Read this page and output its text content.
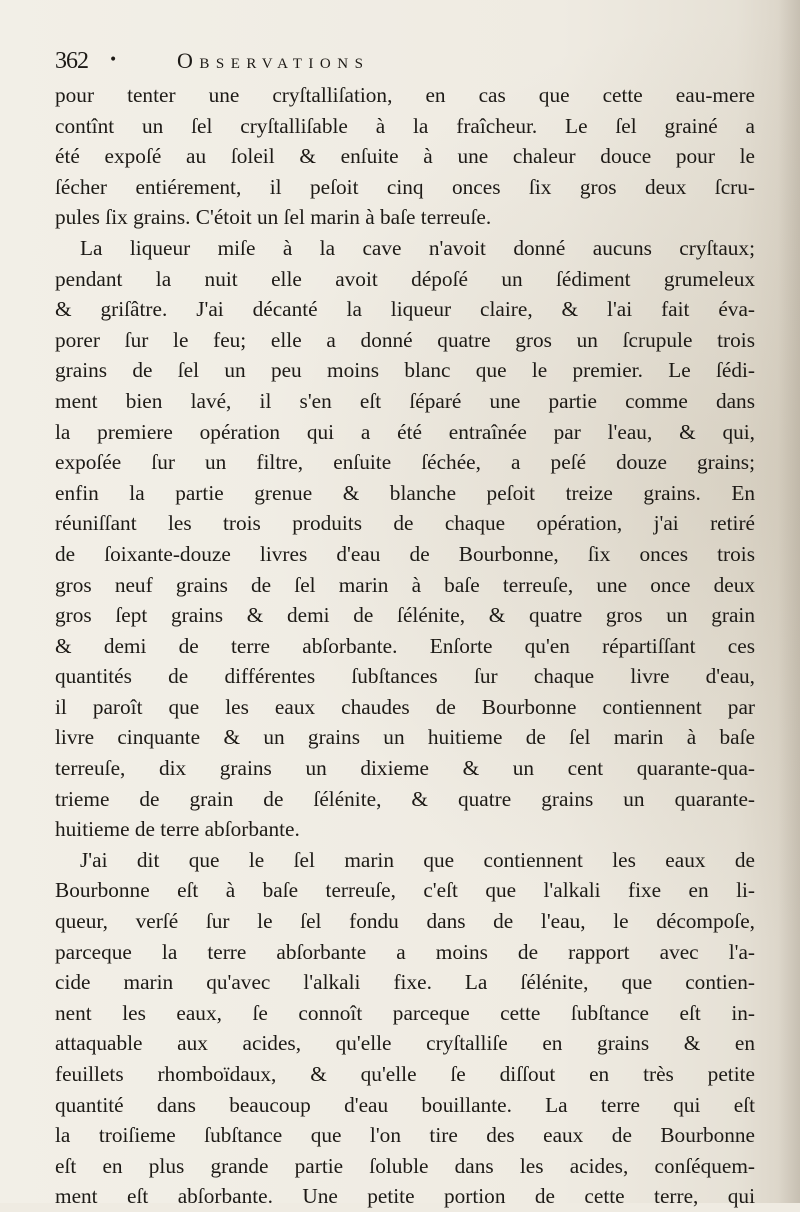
362 •	Observations
pour tenter une cryſtalliſation, en cas que cette eau-mere
contînt un ſel cryſtalliſable à la fraîcheur. Le ſel grainé a
été expoſé au ſoleil & enſuite à une chaleur douce pour le
ſécher entiérement, il peſoit cinq onces ſix gros deux ſcru-
pules ſix grains. C'étoit un ſel marin à baſe terreuſe.
La liqueur miſe à la cave n'avoit donné aucuns cryſtaux;
pendant la nuit elle avoit dépoſé un ſédiment grumeleux
& griſâtre. J'ai décanté la liqueur claire, & l'ai fait éva-
porer ſur le feu; elle a donné quatre gros un ſcrupule trois
grains de ſel un peu moins blanc que le premier. Le ſédi-
ment bien lavé, il s'en eſt ſéparé une partie comme dans
la premiere opération qui a été entraînée par l'eau, & qui,
expoſée ſur un filtre, enſuite ſéchée, a peſé douze grains;
enfin la partie grenue & blanche peſoit treize grains. En
réuniſſant les trois produits de chaque opération, j'ai retiré
de ſoixante-douze livres d'eau de Bourbonne, ſix onces trois
gros neuf grains de ſel marin à baſe terreuſe, une once deux
gros ſept grains & demi de ſélénite, & quatre gros un grain
& demi de terre abſorbante. Enſorte qu'en répartiſſant ces
quantités de différentes ſubſtances ſur chaque livre d'eau,
il paroît que les eaux chaudes de Bourbonne contiennent par
livre cinquante & un grains un huitieme de ſel marin à baſe
terreuſe, dix grains un dixieme & un cent quarante-qua-
trieme de grain de ſélénite, & quatre grains un quarante-
huitieme de terre abſorbante.
J'ai dit que le ſel marin que contiennent les eaux de
Bourbonne eſt à baſe terreuſe, c'eſt que l'alkali fixe en li-
queur, verſé ſur le ſel fondu dans de l'eau, le décompoſe,
parceque la terre abſorbante a moins de rapport avec l'a-
cide marin qu'avec l'alkali fixe. La ſélénite, que contien-
nent les eaux, ſe connoît parceque cette ſubſtance eſt in-
attaquable aux acides, qu'elle cryſtalliſe en grains & en
feuillets rhomboïdaux, & qu'elle ſe diſſout en très petite
quantité dans beaucoup d'eau bouillante. La terre qui eſt
la troiſieme ſubſtance que l'on tire des eaux de Bourbonne
eſt en plus grande partie ſoluble dans les acides, conſéquem-
ment eſt abſorbante. Une petite portion de cette terre, qui
